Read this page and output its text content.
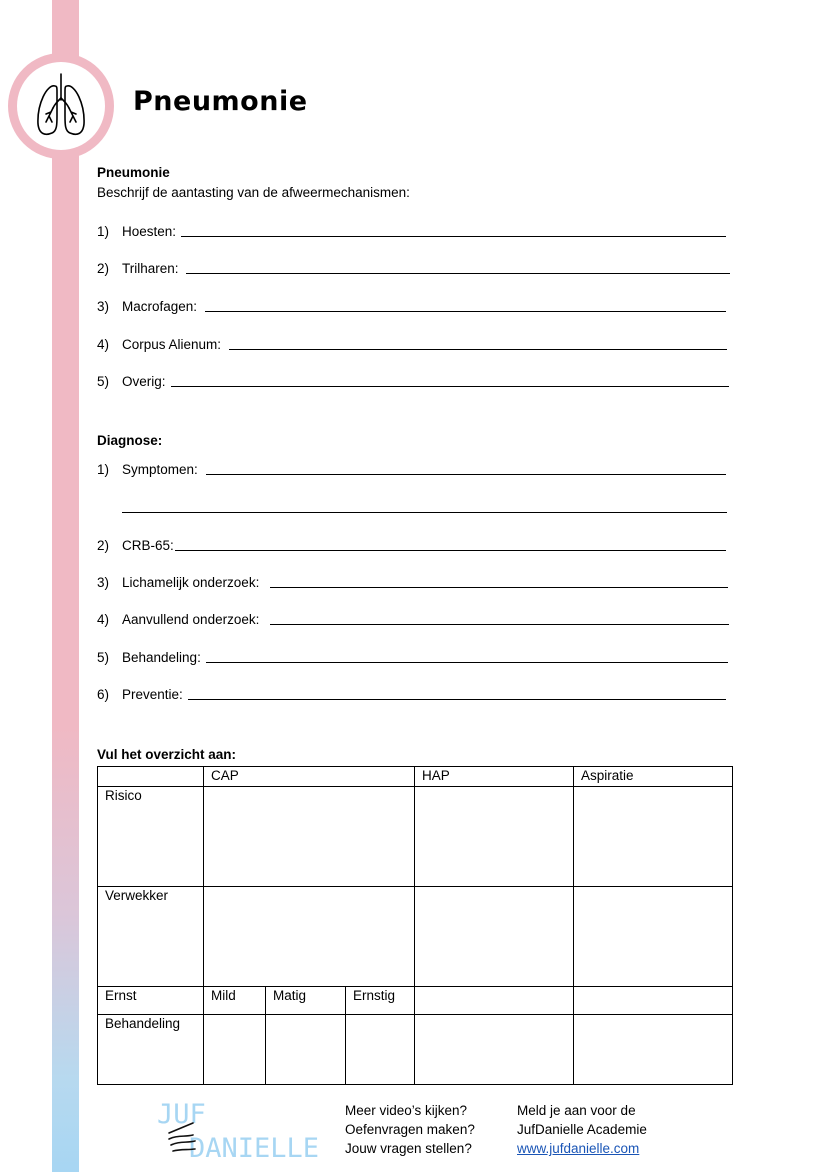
Pneumonie
Pneumonie
Beschrijf de aantasting van de afweermechanismen:
1) Hoesten:
2) Trilharen:
3) Macrofagen:
4) Corpus Alienum:
5) Overig:
Diagnose:
1) Symptomen:
2) CRB-65:
3) Lichamelijk onderzoek:
4) Aanvullend onderzoek:
5) Behandeling:
6) Preventie:
Vul het overzicht aan:
	CAP			HAP	Aspiratie
Risico					
Verwekker					
Ernst	Mild	Matig	Ernstig		
Behandeling					
JUF
DANIELLE
Meer video’s kijken?
Oefenvragen maken?
Jouw vragen stellen?
Meld je aan voor de
JufDanielle Academie
www.jufdanielle.com
